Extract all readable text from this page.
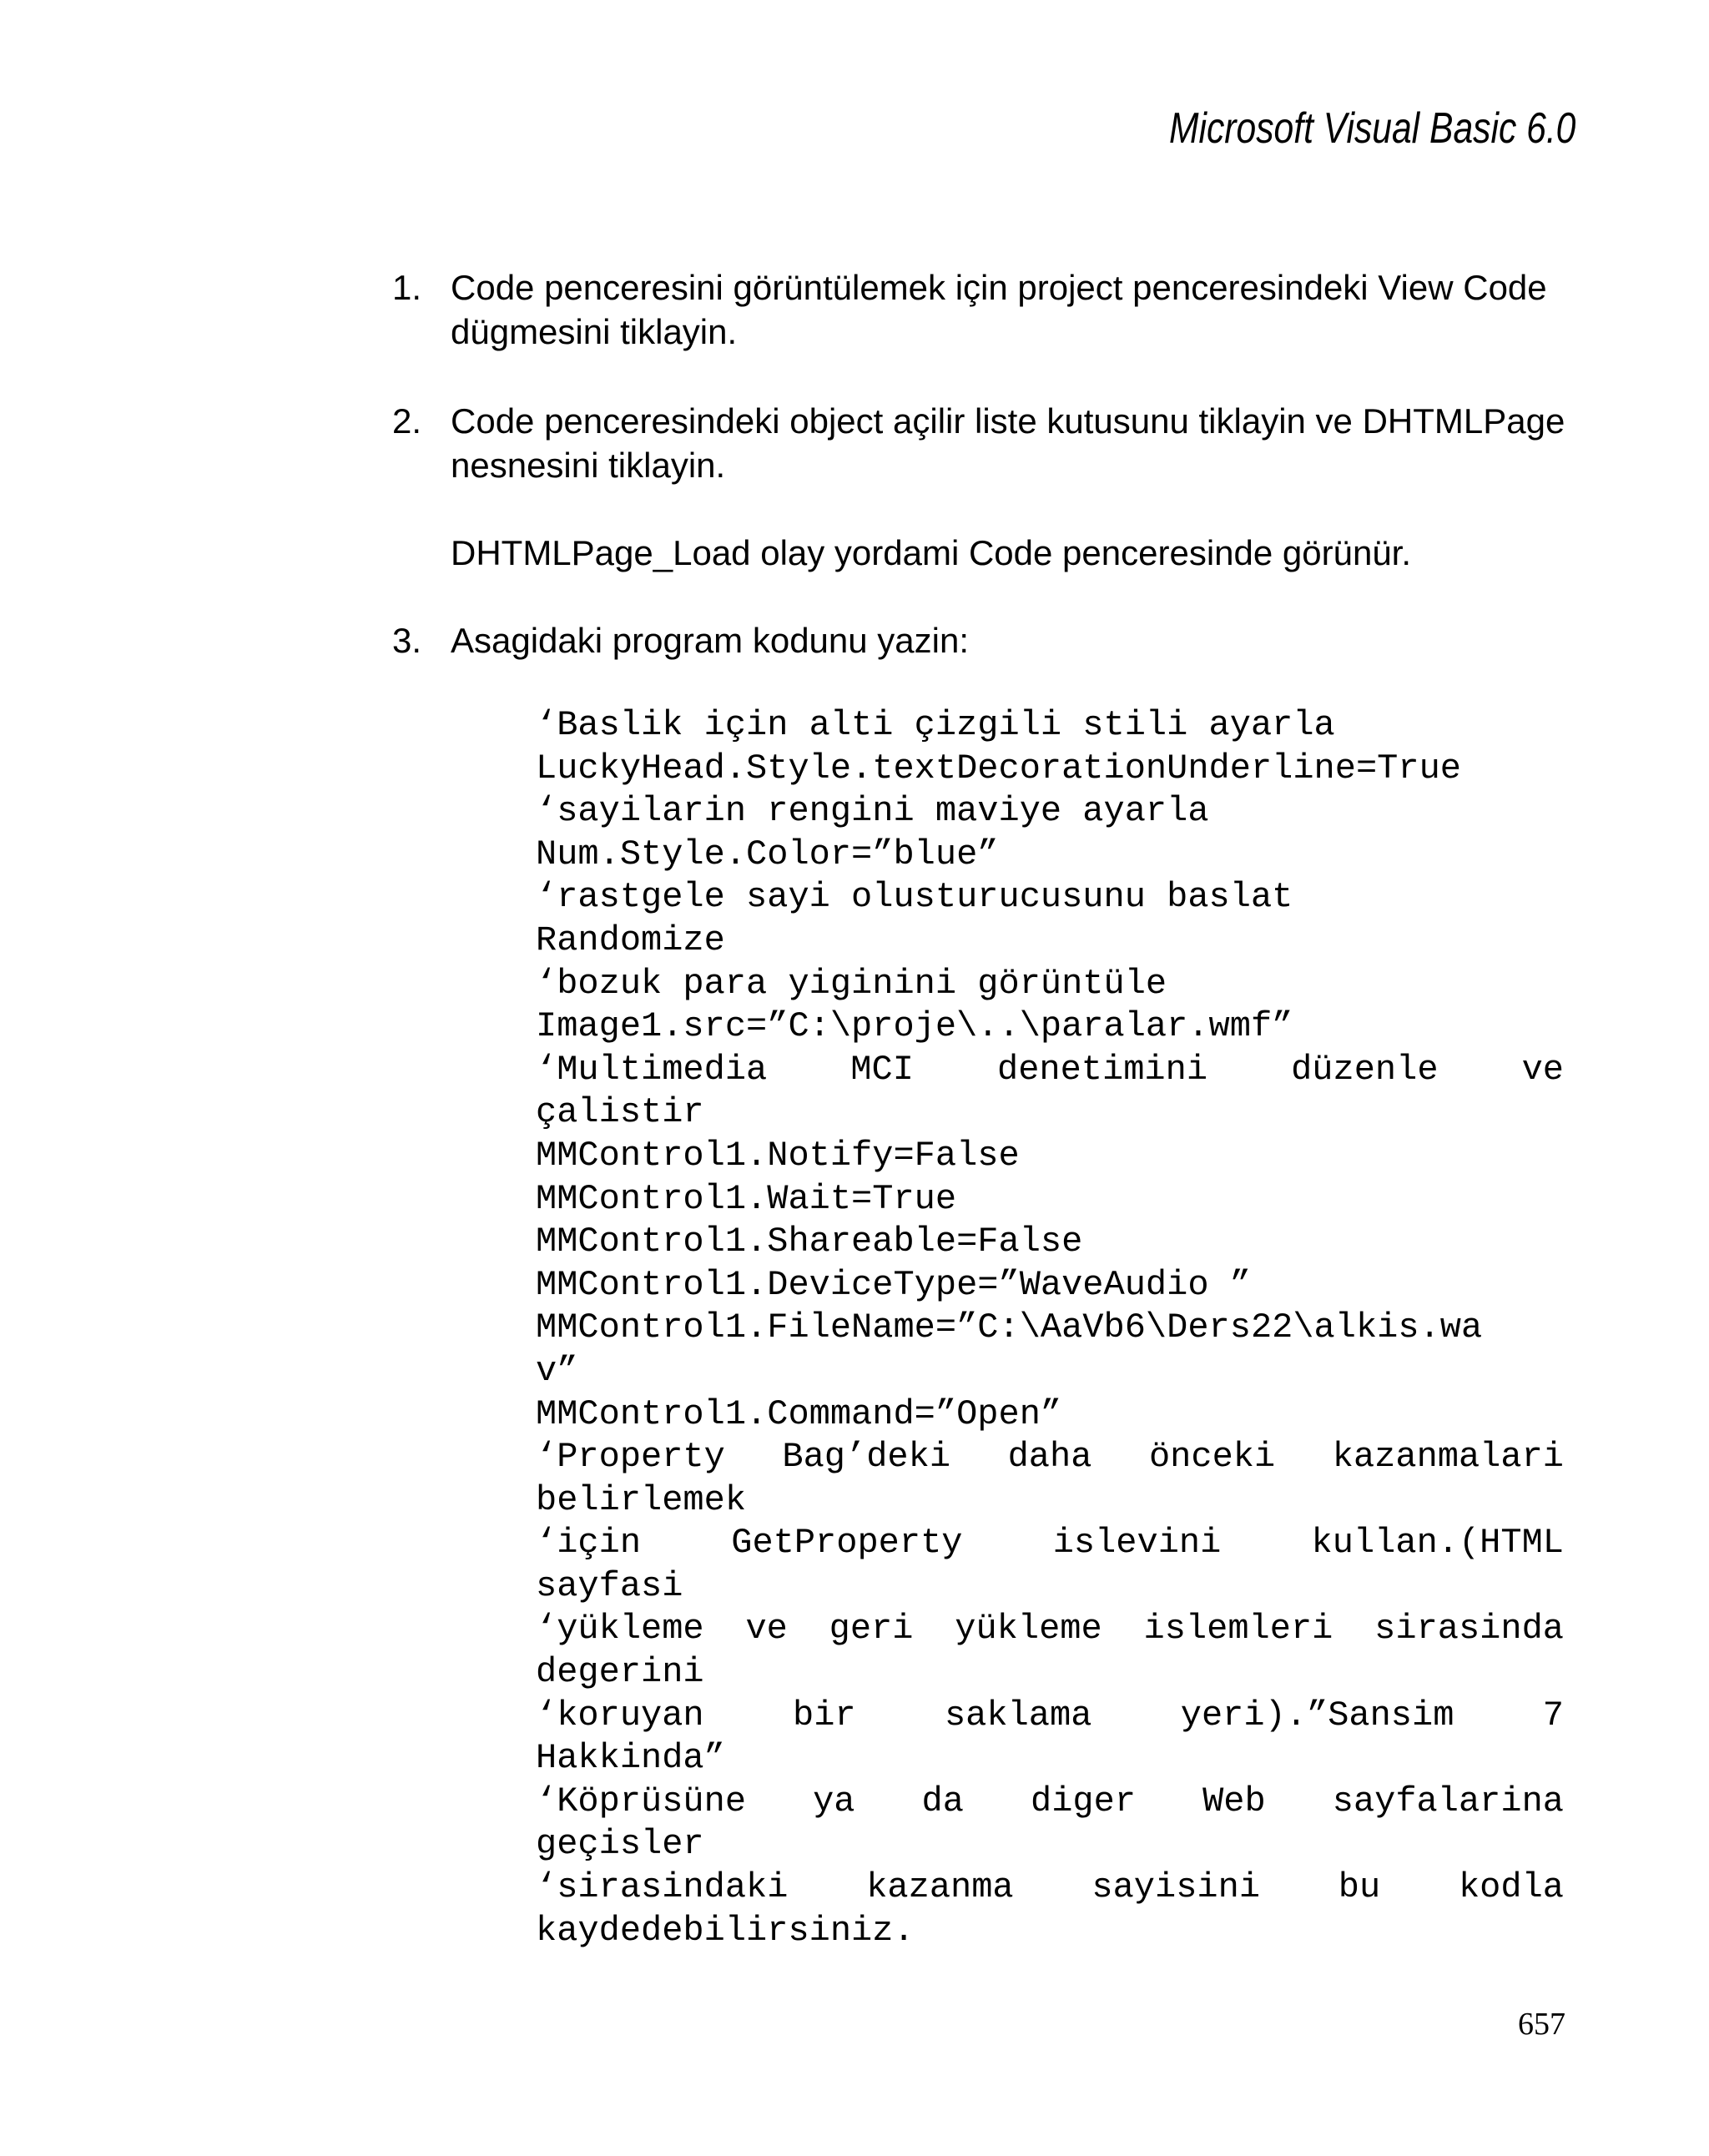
Microsoft Visual Basic 6.0
1. Code penceresini görüntülemek için project penceresindeki View Code dügmesini tiklayin.
2. Code penceresindeki object açilir liste kutusunu tiklayin ve DHTMLPage nesnesini tiklayin.
DHTMLPage_Load olay yordami Code penceresinde görünür.
3. Asagidaki program kodunu yazin:
‘Baslik için alti çizgili stili ayarla
LuckyHead.Style.textDecorationUnderline=True
‘sayilarin rengini maviye ayarla
Num.Style.Color=”blue”
‘rastgele sayi olusturucusunu baslat
Randomize
‘bozuk para yiginini görüntüle
Image1.src=”C:\proje\..\paralar.wmf”
‘Multimedia MCI denetimini düzenle ve
çalistir
MMControl1.Notify=False
MMControl1.Wait=True
MMControl1.Shareable=False
MMControl1.DeviceType=”WaveAudio ”
MMControl1.FileName=”C:\AaVb6\Ders22\alkis.wa
v”
MMControl1.Command=”Open”
‘Property Bag’deki daha önceki kazanmalari
belirlemek
‘için GetProperty islevini kullan.(HTML
sayfasi
‘yükleme ve geri yükleme islemleri sirasinda
degerini
‘koruyan bir saklama yeri).”Sansim 7
Hakkinda”
‘Köprüsüne ya da diger Web sayfalarina
geçisler
‘sirasindaki kazanma sayisini bu kodla
kaydedebilirsiniz.
657
